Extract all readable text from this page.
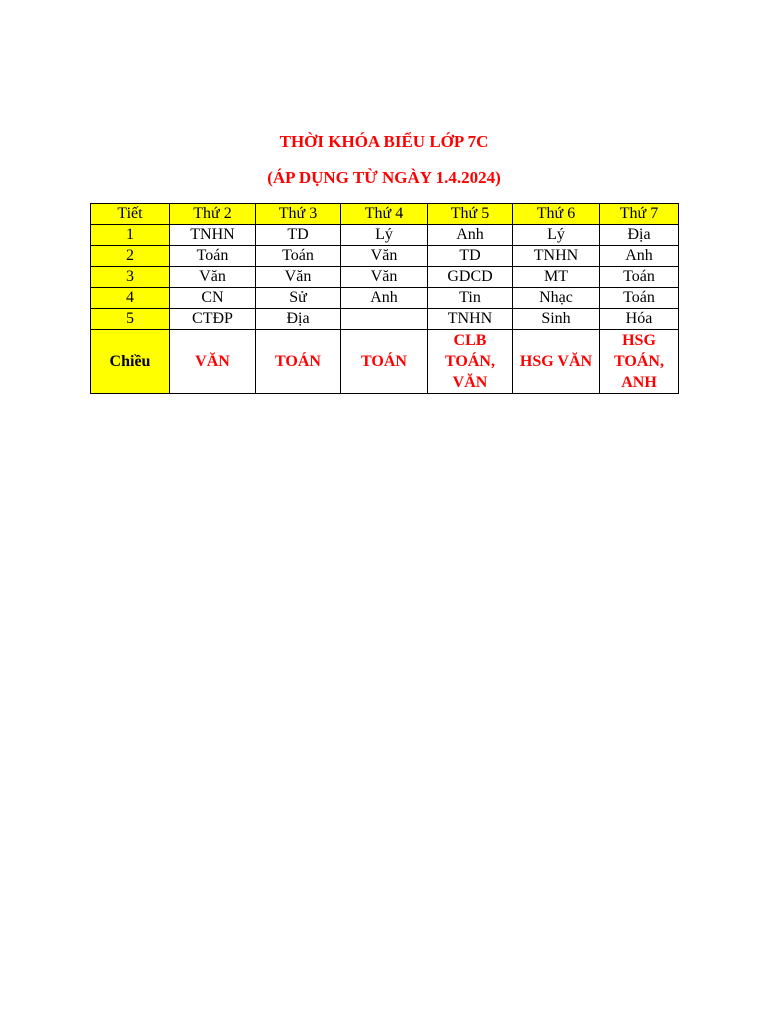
THỜI KHÓA BIỂU LỚP 7C
(ÁP DỤNG TỪ NGÀY 1.4.2024)
Tiết	Thứ 2	Thứ 3	Thứ 4	Thứ 5	Thứ 6	Thứ 7
1	TNHN	TD	Lý	Anh	Lý	Địa
2	Toán	Toán	Văn	TD	TNHN	Anh
3	Văn	Văn	Văn	GDCD	MT	Toán
4	CN	Sử	Anh	Tin	Nhạc	Toán
5	CTĐP	Địa		TNHN	Sinh	Hóa
Chiều	VĂN	TOÁN	TOÁN	CLB TOÁN, VĂN	HSG VĂN	HSG TOÁN, ANH
